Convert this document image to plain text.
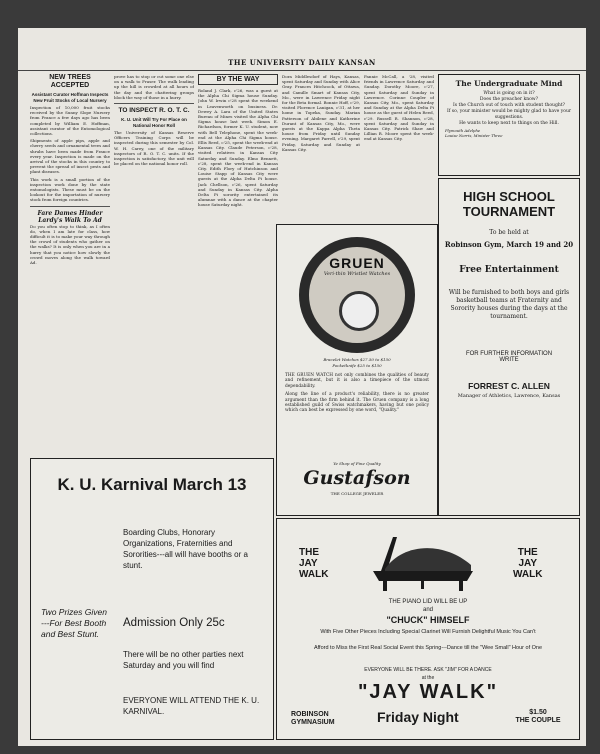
THE UNIVERSITY DAILY KANSAN
NEW TREES ACCEPTED
Assistant Curator Hoffman Inspects New Fruit Stocks of Local Nursery

Inspection of 10,000 fruit stocks received by the Sunny Slope Nursery from France a few days ago has been completed by William E. Hoffman, assistant curator of the Entomological collections.

Shipments of apple pips, apple and cherry seeds and ornamental trees and shrubs have been made from France every year. Inspection is made on the arrival of the stocks in this country to prevent the spread of insect pests and plant diseases.

This work is a small portion of the inspection work done by the state entomologists. These must be on the lookout for the importation of nursery stock from foreign countries.

Fare Dames Hinder Lardy's Walk To Ad

Do you often stop to think, as I often do, when I am late for class, how difficult it is to make your way through the crowd of students who gather on the walks? It is only when you are in a hurry that you notice how slowly the crowd moves along the walk toward Ad.

prove has to stop or cut some one else on a walk to Fraser. The walk leading up the hill is crowded at all hours of the day and the chattering groups block the way of those in a hurry.

TO INSPECT R. O. T. C.
K. U. Unit Will Try For Place on National Honor Roll

The University of Kansas Reserve Officers Training Corps will be inspected during this semester by Col. W. H. Carey, one of the military inspectors of R. O. T. C. units. If the inspection is satisfactory, the unit will be placed on the national honor roll.

BY THE WAY

Roland J. Clark, c'26, was a guest at the Alpha Chi Sigma house Sunday. John W. Irwin c'28 spent the weekend in Leavenworth on business. Dr. Dewey A. Lara of the United States Bureau of Mines visited the Alpha Chi Sigma house last week. Simon E. Richardson, former K. U. student, now with Bell Telephone, spent the week-end at the Alpha Chi Sigma house. Ellis Reed, c'25, spent the week-end at Kansas City. Claude Peterson, c'28, visited relatives in Kansas City Saturday and Sunday. Elmo Bennett, c'28, spent the week-end in Kansas City. Edith Flory of Hutchinson and Louise Stapp of Kansas City were guests at the Alpha Delta Pi house. Jack Chellson, c'26, spent Saturday and Sunday in Kansas City. Alpha Delta Pi sorority entertained its alumnae with a dance at the chapter house Saturday night.

Dora Middlesdorf of Hays, Kansas, spent Saturday and Sunday with Alice Gray. Frances Hitchcock, of Ottawa, and Camille Smart of Kansas City, Mo., were in Lawrence Friday night for the Beta formal. Bonnie Hoff, c'29, visited Florence Lanigan, c'31, at her home in Topeka, Sunday. Marian Patterson of Abilene and Katherine Durant of Kansas City, Mo., were guests at the Kappa Alpha Theta house from Friday until Sunday evening. Margaret Farrell, c'29, spent Friday, Saturday and Sunday at Kansas City.

Fannie McCall, a '28, visited friends in Lawrence Saturday and Sunday. Dorothy Moore, c'27, spent Saturday and Sunday in Lawrence. Corinne Coupler of Kansas City, Mo., spent Saturday and Sunday at the Alpha Delta Pi house as the guest of Helen Reed, c'29. Russell R. Shannon, c'28, spent Saturday and Sunday in Kansas City. Patrick Shaw and Lillian R. Moore spent the week-end at Kansas City.

GRUEN
Veri-thin Wristlet Watches
Bracelet Watches $27.50 to $150
Pocketknife $25 to $150

THE GRUEN WATCH not only combines the qualities of beauty and refinement, but it is also a timepiece of the utmost dependability.

Along the line of a product's reliability, there is no greater argument than the firm behind it. The Gruen company is a long established guild of Swiss watchmakers, having but one policy which can best be expressed by one word, "Quality."

Ye Shop of Fine Quality
Gustafson
THE COLLEGE JEWELER
The Undergraduate Mind
What is going on in it?
Does the preacher know?
Is the Church out of touch with student thought?
If so, your minister would be mighty glad to have your suggestions.
He wants to keep next to things on the Hill.
Plymouth Adelphe
Louise Norris, Minister Three
HIGH SCHOOL
TOURNAMENT
To be held at
Robinson Gym, March 19 and 20
Free Entertainment
Will be furnished to both boys and girls basketball teams at Fraternity and Sorority houses during the days at the tournament.
FOR FURTHER INFORMATION
WRITE
FORREST C. ALLEN
Manager of Athletics, Lawrence, Kansas
K. U. Karnival March 13
Boarding Clubs, Honorary Organizations, Fraternities and Sororities---all will have booths or a stunt.
Two Prizes Given ---For Best Booth and Best Stunt.
Admission Only 25c
There will be no other parties next Saturday and you will find
EVERYONE WILL ATTEND THE K. U. KARNIVAL.
THE
JAY
WALK
THE
JAY
WALK
THE PIANO LID WILL BE UP
and
"CHUCK" HIMSELF
With Five Other Pieces Including Special Clarinet Will Furnish Delightful Music You Can't
Afford to Miss the First Real Social Event this Spring---Dance till the "Wee Small" Hour of One
EVERYONE WILL BE THERE. ASK "JIM" FOR A DANCE
at the
"JAY WALK"
ROBINSON
GYMNASIUM	Friday Night	$1.50
THE COUPLE
